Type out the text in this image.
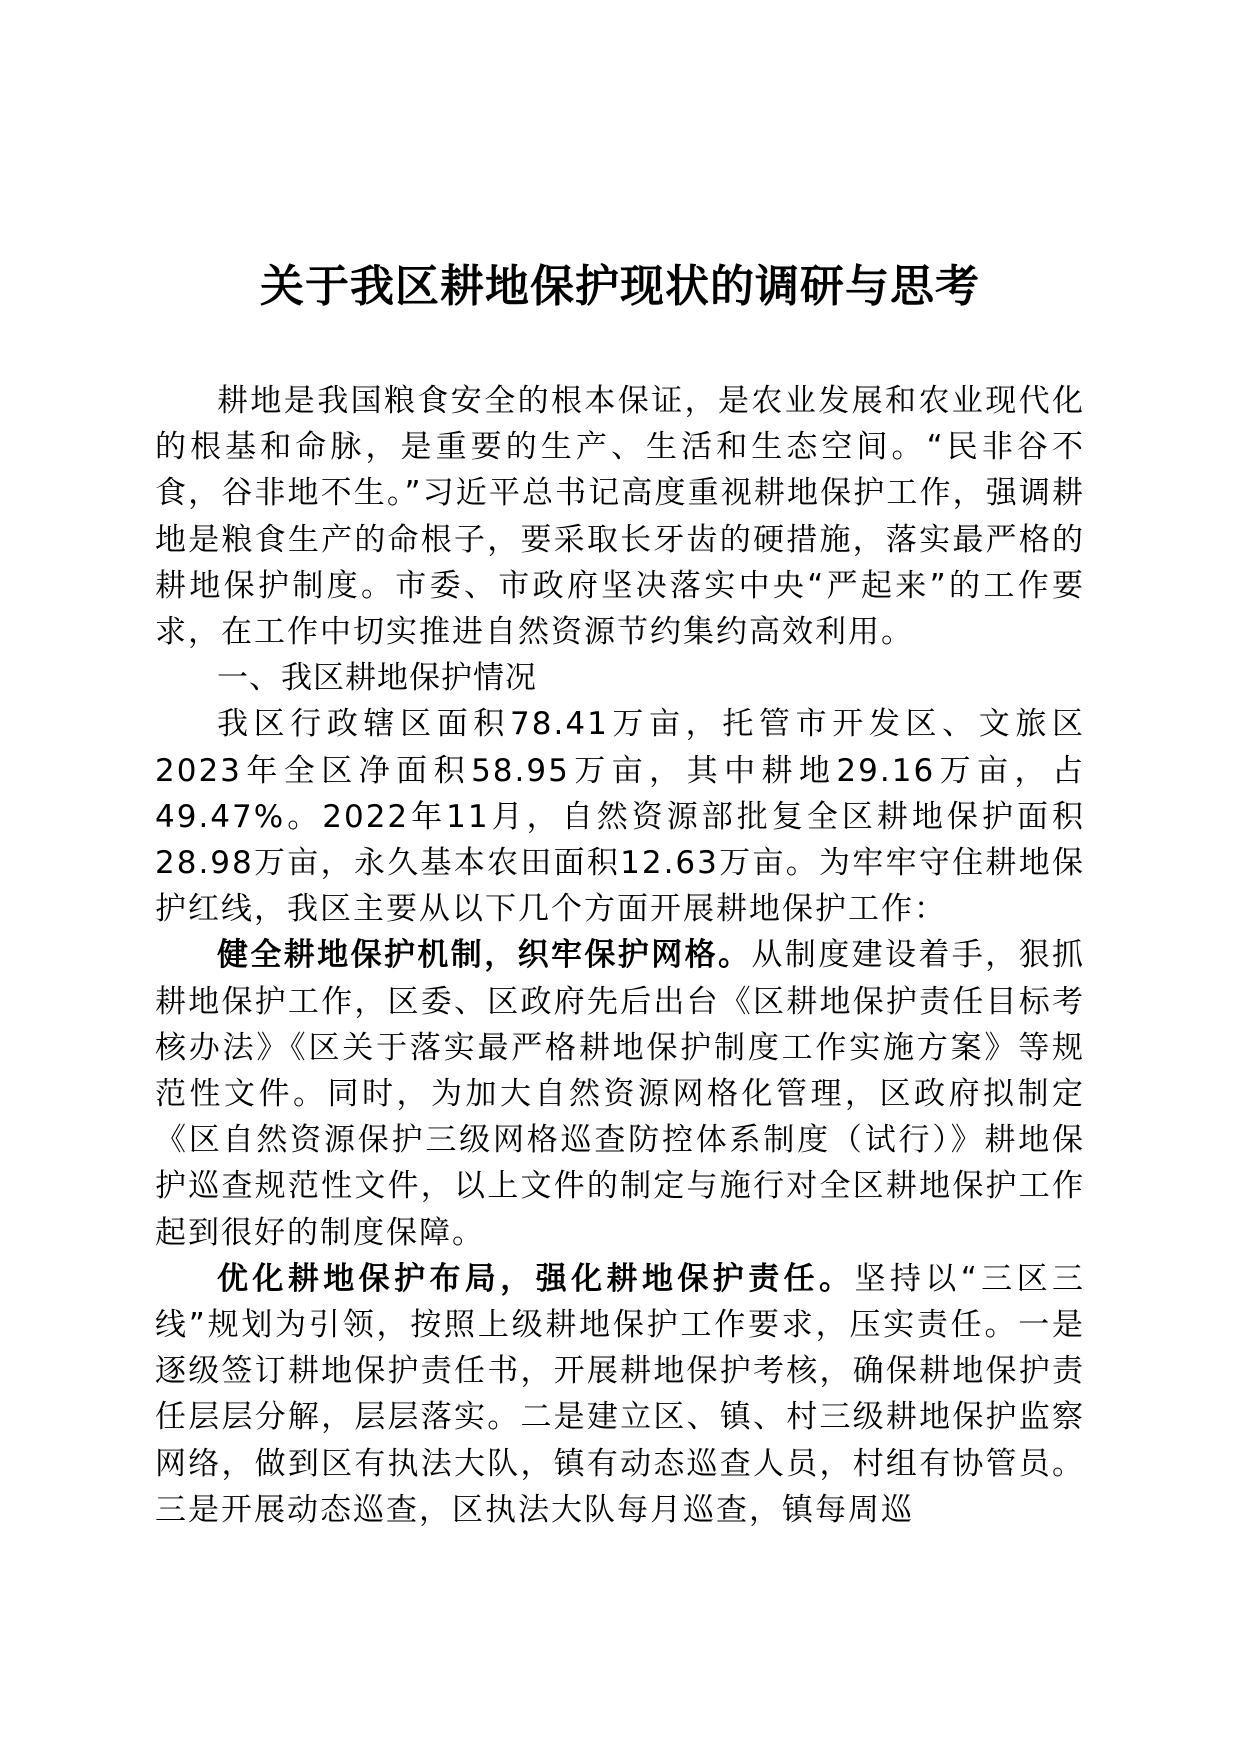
关于我区耕地保护现状的调研与思考

耕地是我国粮食安全的根本保证，是农业发展和农业现代化的根基和命脉，是重要的生产、生活和生态空间。“民非谷不食，谷非地不生。”习近平总书记高度重视耕地保护工作，强调耕地是粮食生产的命根子，要采取长牙齿的硬措施，落实最严格的耕地保护制度。市委、市政府坚决落实中央“严起来”的工作要求，在工作中切实推进自然资源节约集约高效利用。

一、我区耕地保护情况

我区行政辖区面积78.41万亩，托管市开发区、文旅区2023年全区净面积58.95万亩，其中耕地29.16万亩，占49.47%。2022年11月，自然资源部批复全区耕地保护面积28.98万亩，永久基本农田面积12.63万亩。为牢牢守住耕地保护红线，我区主要从以下几个方面开展耕地保护工作：

健全耕地保护机制，织牢保护网格。从制度建设着手，狠抓耕地保护工作，区委、区政府先后出台《区耕地保护责任目标考核办法》《区关于落实最严格耕地保护制度工作实施方案》等规范性文件。同时，为加大自然资源网格化管理，区政府拟制定《区自然资源保护三级网格巡查防控体系制度（试行）》耕地保护巡查规范性文件，以上文件的制定与施行对全区耕地保护工作起到很好的制度保障。

优化耕地保护布局，强化耕地保护责任。坚持以“三区三线”规划为引领，按照上级耕地保护工作要求，压实责任。一是逐级签订耕地保护责任书，开展耕地保护考核，确保耕地保护责任层层分解，层层落实。二是建立区、镇、村三级耕地保护监察网络，做到区有执法大队，镇有动态巡查人员，村组有协管员。三是开展动态巡查，区执法大队每月巡查，镇每周巡
